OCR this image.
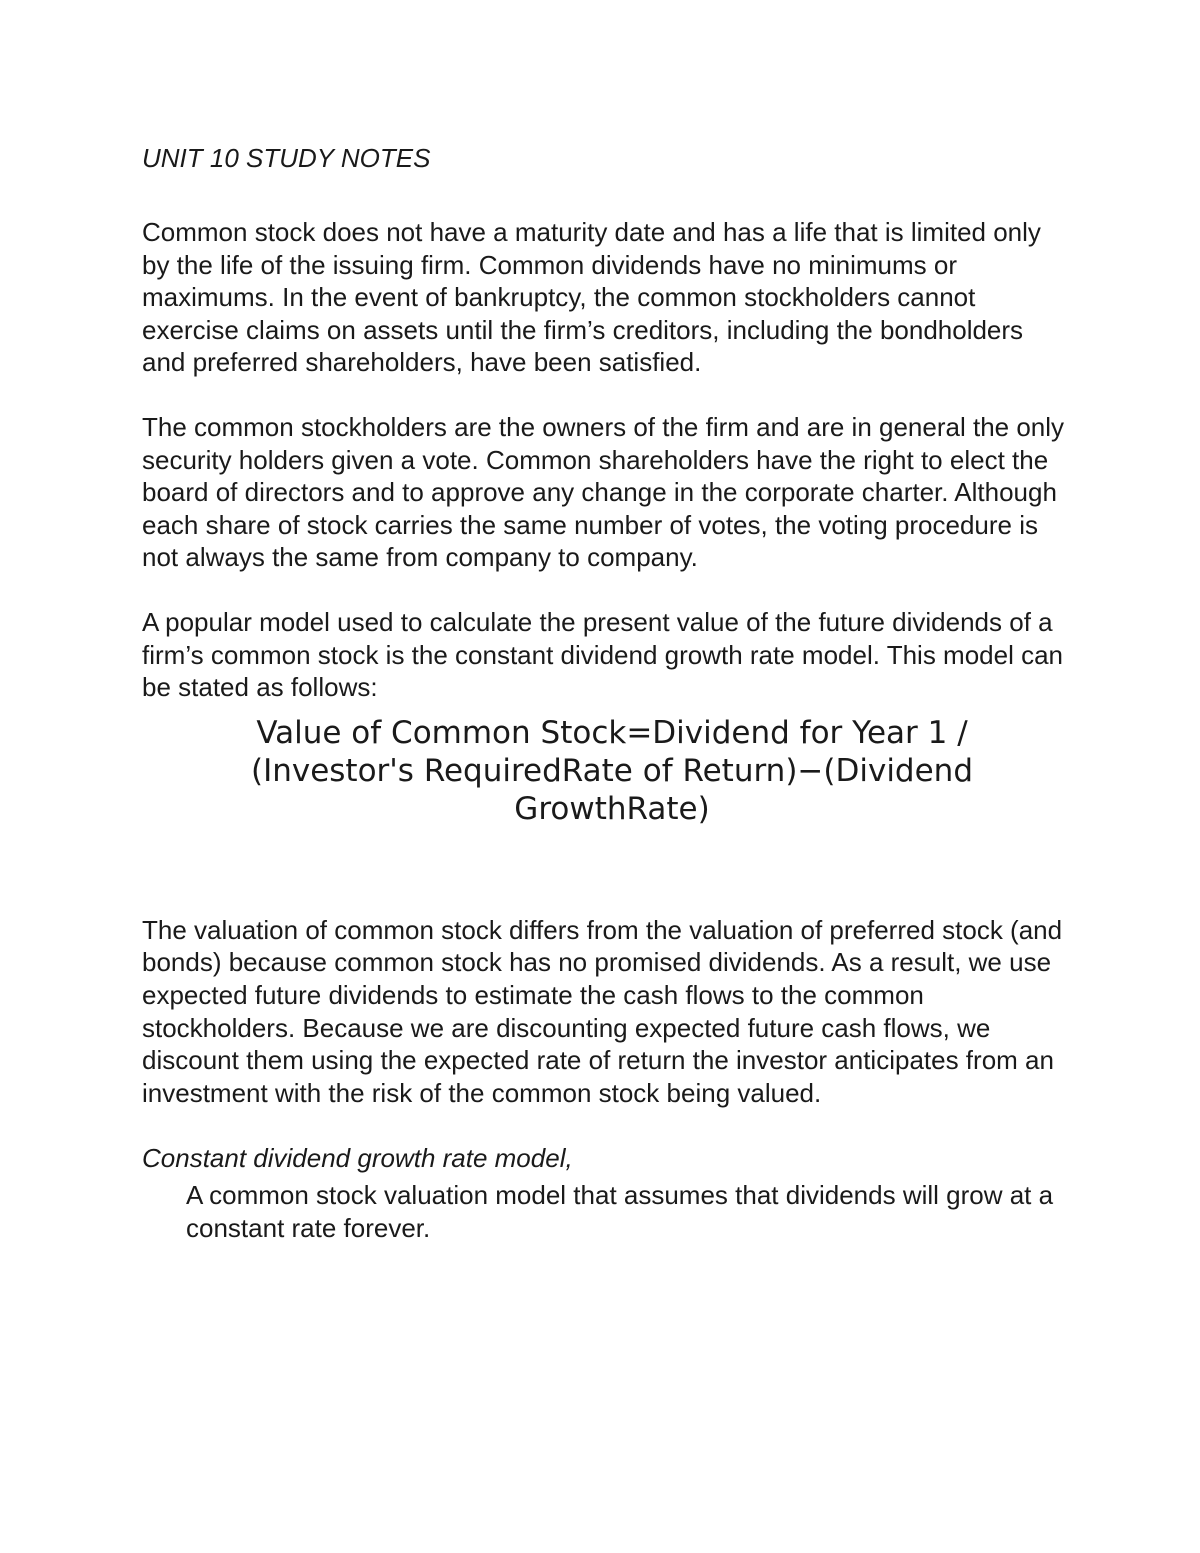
UNIT 10 STUDY NOTES

Common stock does not have a maturity date and has a life that is limited only by the life of the issuing firm. Common dividends have no minimums or maximums. In the event of bankruptcy, the common stockholders cannot exercise claims on assets until the firm’s creditors, including the bondholders and preferred shareholders, have been satisfied.

The common stockholders are the owners of the firm and are in general the only security holders given a vote. Common shareholders have the right to elect the board of directors and to approve any change in the corporate charter. Although each share of stock carries the same number of votes, the voting procedure is not always the same from company to company.

A popular model used to calculate the present value of the future dividends of a firm’s common stock is the constant dividend growth rate model. This model can be stated as follows:

Value of Common Stock=Dividend for Year 1 /
(Investor's RequiredRate of Return)−(Dividend
GrowthRate)

The valuation of common stock differs from the valuation of preferred stock (and bonds) because common stock has no promised dividends. As a result, we use expected future dividends to estimate the cash flows to the common stockholders. Because we are discounting expected future cash flows, we discount them using the expected rate of return the investor anticipates from an investment with the risk of the common stock being valued.

Constant dividend growth rate model,

A common stock valuation model that assumes that dividends will grow at a constant rate forever.
